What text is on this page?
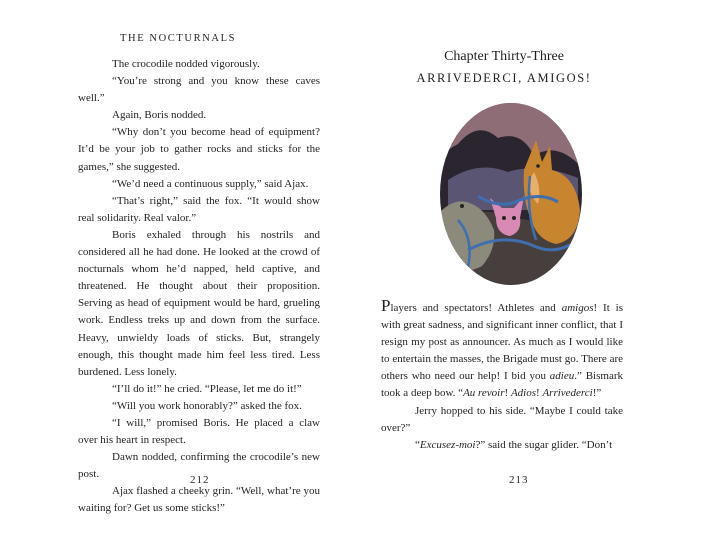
THE NOCTURNALS

The crocodile nodded vigorously.

“You’re strong and you know these caves well.”

Again, Boris nodded.

“Why don’t you become head of equipment? It’d be your job to gather rocks and sticks for the games,” she suggested.

“We’d need a continuous supply,” said Ajax.

“That’s right,” said the fox. “It would show real solidarity. Real valor.”

Boris exhaled through his nostrils and considered all he had done. He looked at the crowd of nocturnals whom he’d napped, held captive, and threatened. He thought about their proposition. Serving as head of equipment would be hard, grueling work. Endless treks up and down from the surface. Heavy, unwieldy loads of sticks. But, strangely enough, this thought made him feel less tired. Less burdened. Less lonely.

“I’ll do it!” he cried. “Please, let me do it!”

“Will you work honorably?” asked the fox.

“I will,” promised Boris. He placed a claw over his heart in respect.

Dawn nodded, confirming the crocodile’s new post.

Ajax flashed a cheeky grin. “Well, what’re you waiting for? Get us some sticks!”

212
Chapter Thirty-Three
ARRIVEDERCI, AMIGOS!

Players and spectators! Athletes and amigos! It is with great sadness, and significant inner conflict, that I resign my post as announcer. As much as I would like to entertain the masses, the Brigade must go. There are others who need our help! I bid you adieu.” Bismark took a deep bow. “Au revoir! Adios! Arrivederci!”

Jerry hopped to his side. “Maybe I could take over?”

“Excusez-moi?” said the sugar glider. “Don’t

213
